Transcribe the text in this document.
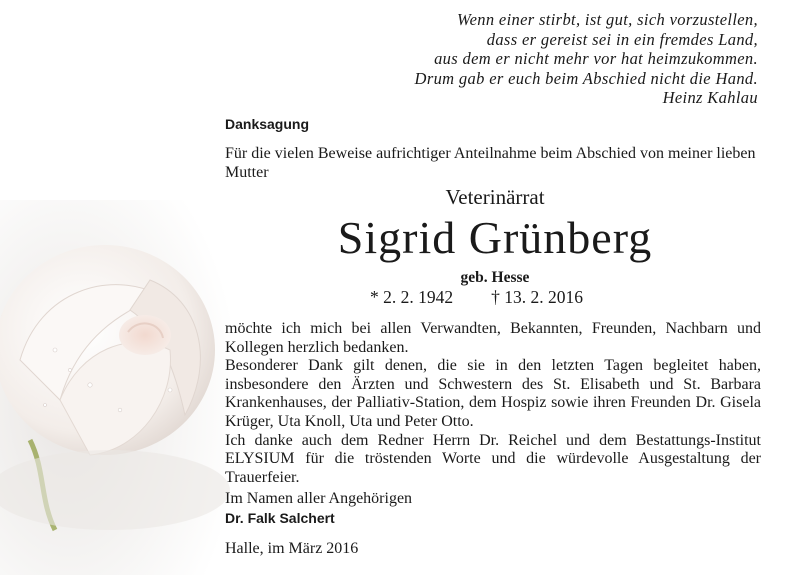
Wenn einer stirbt, ist gut, sich vorzustellen,
dass er gereist sei in ein fremdes Land,
aus dem er nicht mehr vor hat heimzukommen.
Drum gab er euch beim Abschied nicht die Hand.
Heinz Kahlau
Danksagung
Für die vielen Beweise aufrichtiger Anteilnahme beim Abschied von meiner lieben Mutter
Veterinärrat
Sigrid Grünberg
geb. Hesse
* 2. 2. 1942 † 13. 2. 2016

möchte ich mich bei allen Verwandten, Bekannten, Freunden, Nachbarn und Kollegen herzlich bedanken.

Besonderer Dank gilt denen, die sie in den letzten Tagen begleitet haben, insbesondere den Ärzten und Schwestern des St. Elisabeth und St. Barbara Krankenhauses, der Palliativ-Station, dem Hospiz sowie ihren Freunden Dr. Gisela Krüger, Uta Knoll, Uta und Peter Otto.

Ich danke auch dem Redner Herrn Dr. Reichel und dem Bestattungs-Institut ELYSIUM für die tröstenden Worte und die würdevolle Ausgestaltung der Trauerfeier.

Im Namen aller Angehörigen
Dr. Falk Salchert
Halle, im März 2016
